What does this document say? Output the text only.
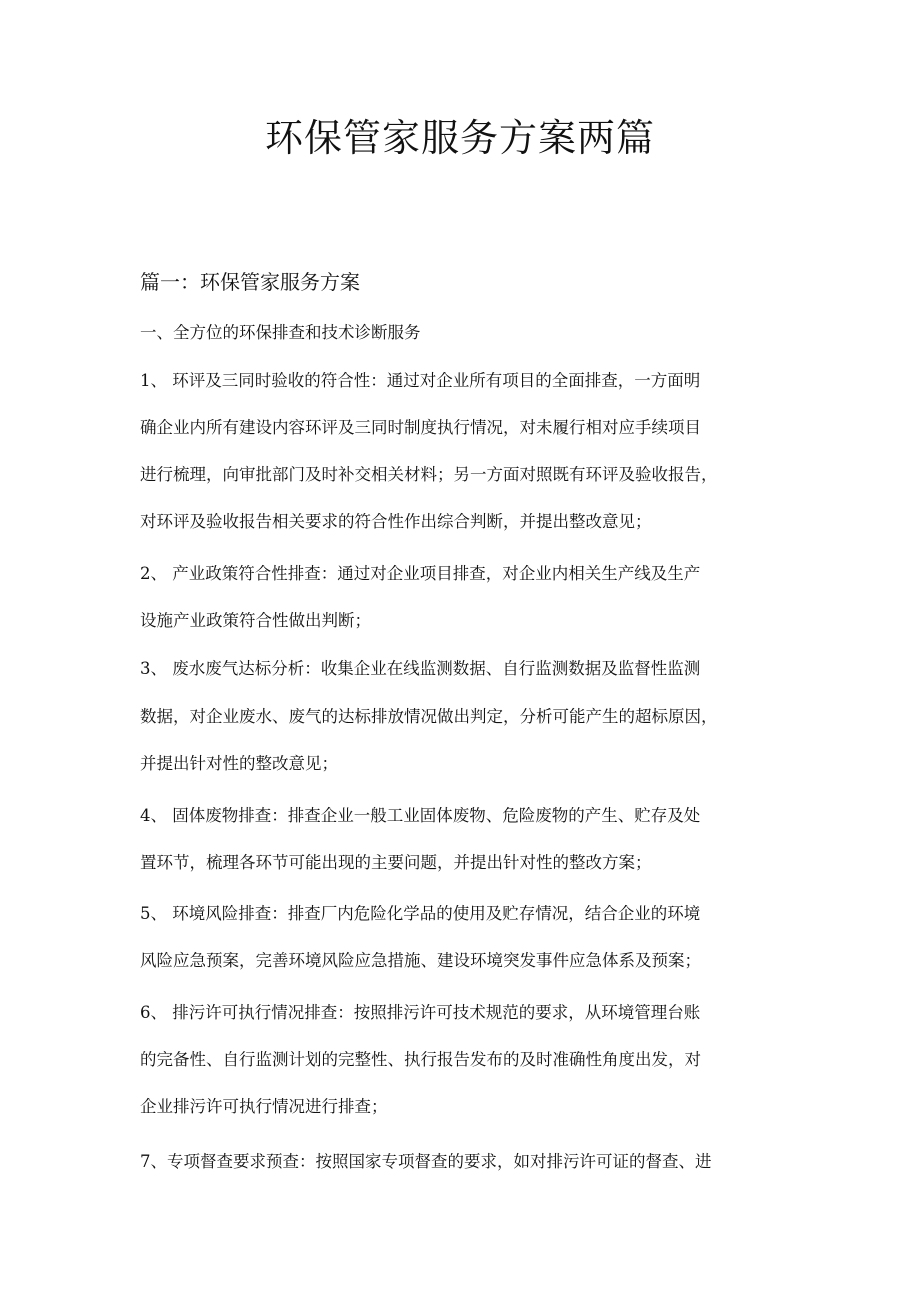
环保管家服务方案两篇
篇一：环保管家服务方案

一、全方位的环保排查和技术诊断服务

1、 环评及三同时验收的符合性：通过对企业所有项目的全面排查，一方面明

确企业内所有建设内容环评及三同时制度执行情况，对未履行相对应手续项目

进行梳理，向审批部门及时补交相关材料；另一方面对照既有环评及验收报告，

对环评及验收报告相关要求的符合性作出综合判断，并提出整改意见；

2、 产业政策符合性排查：通过对企业项目排查，对企业内相关生产线及生产

设施产业政策符合性做出判断；

3、 废水废气达标分析：收集企业在线监测数据、自行监测数据及监督性监测

数据，对企业废水、废气的达标排放情况做出判定，分析可能产生的超标原因，

并提出针对性的整改意见；

4、 固体废物排查：排查企业一般工业固体废物、危险废物的产生、贮存及处

置环节，梳理各环节可能出现的主要问题，并提出针对性的整改方案；

5、 环境风险排查：排查厂内危险化学品的使用及贮存情况，结合企业的环境

风险应急预案，完善环境风险应急措施、建设环境突发事件应急体系及预案；

6、 排污许可执行情况排查：按照排污许可技术规范的要求，从环境管理台账

的完备性、自行监测计划的完整性、执行报告发布的及时准确性角度出发，对

企业排污许可执行情况进行排查；

7、专项督查要求预查：按照国家专项督查的要求，如对排污许可证的督查、进
